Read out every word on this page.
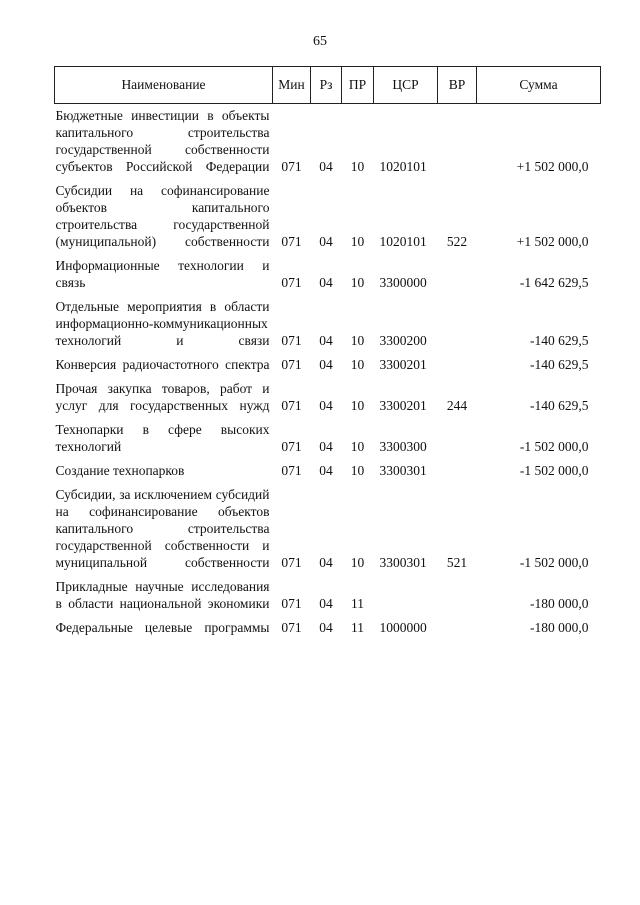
65
Наименование	Мин	Рз	ПР	ЦСР	ВР	Сумма
Бюджетные инвестиции в объекты капитального строительства государственной собственности субъектов Российской Федерации	071	04	10	1020101		+1 502 000,0
Субсидии на софинансирование объектов капитального строительства государственной (муниципальной) собственности	071	04	10	1020101	522	+1 502 000,0
Информационные технологии и связь	071	04	10	3300000		-1 642 629,5
Отдельные мероприятия в области информационно-коммуникационных технологий и связи	071	04	10	3300200		-140 629,5
Конверсия радиочастотного спектра	071	04	10	3300201		-140 629,5
Прочая закупка товаров, работ и услуг для государственных нужд	071	04	10	3300201	244	-140 629,5
Технопарки в сфере высоких технологий	071	04	10	3300300		-1 502 000,0
Создание технопарков	071	04	10	3300301		-1 502 000,0
Субсидии, за исключением субсидий на софинансирование объектов капитального строительства государственной собственности и муниципальной собственности	071	04	10	3300301	521	-1 502 000,0
Прикладные научные исследования в области национальной экономики	071	04	11			-180 000,0
Федеральные целевые программы	071	04	11	1000000		-180 000,0
